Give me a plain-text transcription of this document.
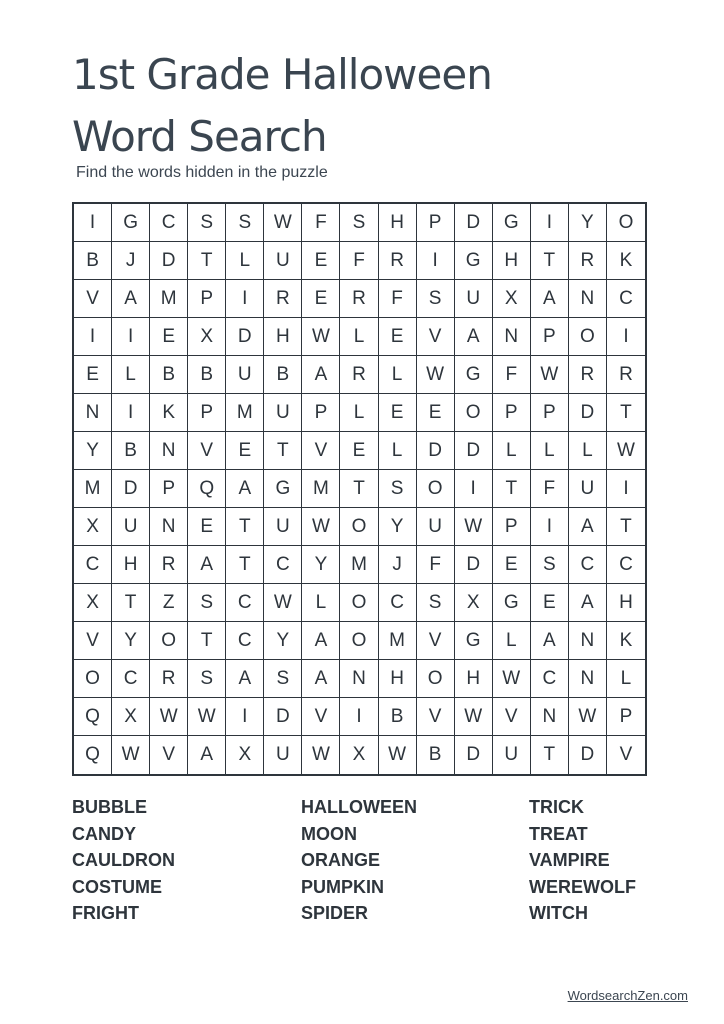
1st Grade Halloween
Word Search
Find the words hidden in the puzzle
I	G	C	S	S	W	F	S	H	P	D	G	I	Y	O
B	J	D	T	L	U	E	F	R	I	G	H	T	R	K
V	A	M	P	I	R	E	R	F	S	U	X	A	N	C
I	I	E	X	D	H	W	L	E	V	A	N	P	O	I
E	L	B	B	U	B	A	R	L	W	G	F	W	R	R
N	I	K	P	M	U	P	L	E	E	O	P	P	D	T
Y	B	N	V	E	T	V	E	L	D	D	L	L	L	W
M	D	P	Q	A	G	M	T	S	O	I	T	F	U	I
X	U	N	E	T	U	W	O	Y	U	W	P	I	A	T
C	H	R	A	T	C	Y	M	J	F	D	E	S	C	C
X	T	Z	S	C	W	L	O	C	S	X	G	E	A	H
V	Y	O	T	C	Y	A	O	M	V	G	L	A	N	K
O	C	R	S	A	S	A	N	H	O	H	W	C	N	L
Q	X	W	W	I	D	V	I	B	V	W	V	N	W	P
Q	W	V	A	X	U	W	X	W	B	D	U	T	D	V
BUBBLE
CANDY
CAULDRON
COSTUME
FRIGHT
HALLOWEEN
MOON
ORANGE
PUMPKIN
SPIDER
TRICK
TREAT
VAMPIRE
WEREWOLF
WITCH
WordsearchZen.com
